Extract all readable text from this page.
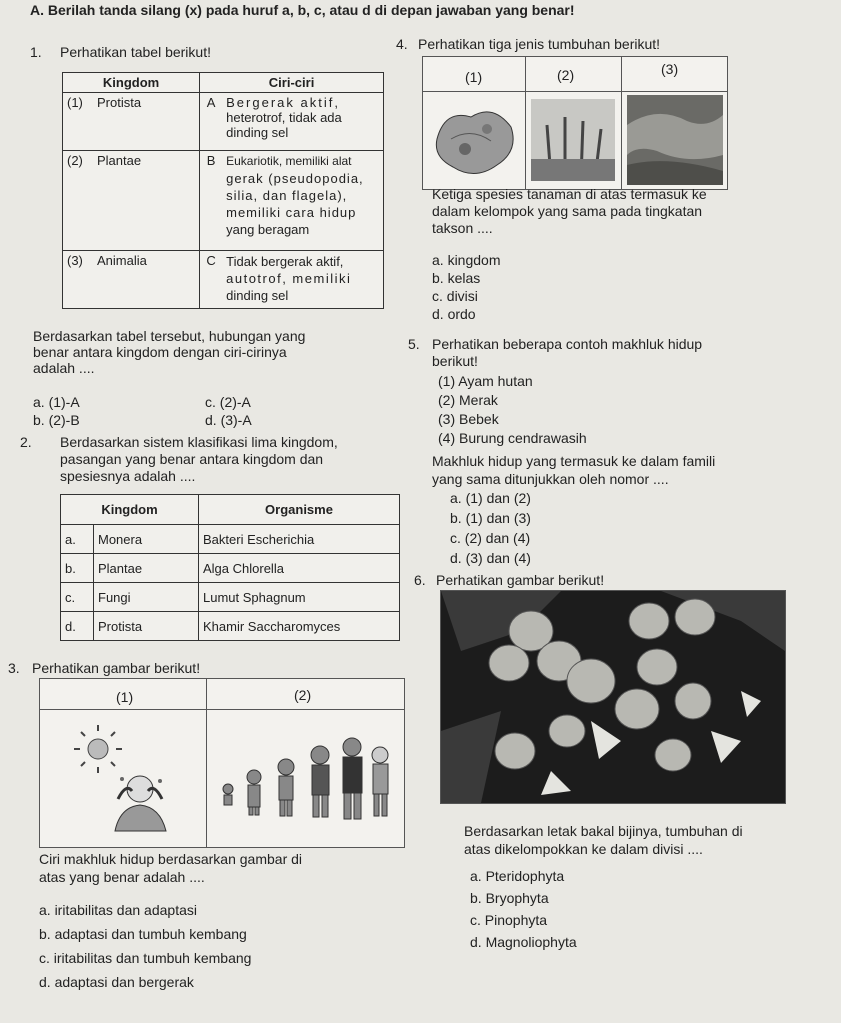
A. Berilah tanda silang (x) pada huruf a, b, c, atau d di depan jawaban yang benar!
1. Perhatikan tabel berikut!
Kingdom		Ciri-ciri	
(1)	Protista	A	Bergerak aktif,
heterotrof, tidak ada
dinding sel

(2)	Plantae	B	Eukariotik, memiliki alat
gerak (pseudopodia,
silia, dan flagela),
memiliki cara hidup
yang beragam

(3)	Animalia	C	Tidak bergerak aktif,
autotrof, memiliki
dinding sel
Berdasarkan tabel tersebut, hubungan yang
benar antara kingdom dengan ciri-cirinya
adalah ....
a. (1)-A
b. (2)-B
c. (2)-A
d. (3)-A
2. Berdasarkan sistem klasifikasi lima kingdom,
pasangan yang benar antara kingdom dan
spesiesnya adalah ....
Kingdom		Organisme
a.	Monera	Bakteri Escherichia
b.	Plantae	Alga Chlorella
c.	Fungi	Lumut Sphagnum
d.	Protista	Khamir Saccharomyces
3. Perhatikan gambar berikut!
(1)	(2)
Ciri makhluk hidup berdasarkan gambar di
atas yang benar adalah ....
a. iritabilitas dan adaptasi
b. adaptasi dan tumbuh kembang
c. iritabilitas dan tumbuh kembang
d. adaptasi dan bergerak
4. Perhatikan tiga jenis tumbuhan berikut!
(1)	(2)	(3)
Ketiga spesies tanaman di atas termasuk ke
dalam kelompok yang sama pada tingkatan
takson ....
a. kingdom
b. kelas
c. divisi
d. ordo
5. Perhatikan beberapa contoh makhluk hidup
berikut!
(1) Ayam hutan
(2) Merak
(3) Bebek
(4) Burung cendrawasih
Makhluk hidup yang termasuk ke dalam famili
yang sama ditunjukkan oleh nomor ....
a. (1) dan (2)
b. (1) dan (3)
c. (2) dan (4)
d. (3) dan (4)
6. Perhatikan gambar berikut!
Berdasarkan letak bakal bijinya, tumbuhan di
atas dikelompokkan ke dalam divisi ....
a. Pteridophyta
b. Bryophyta
c. Pinophyta
d. Magnoliophyta
